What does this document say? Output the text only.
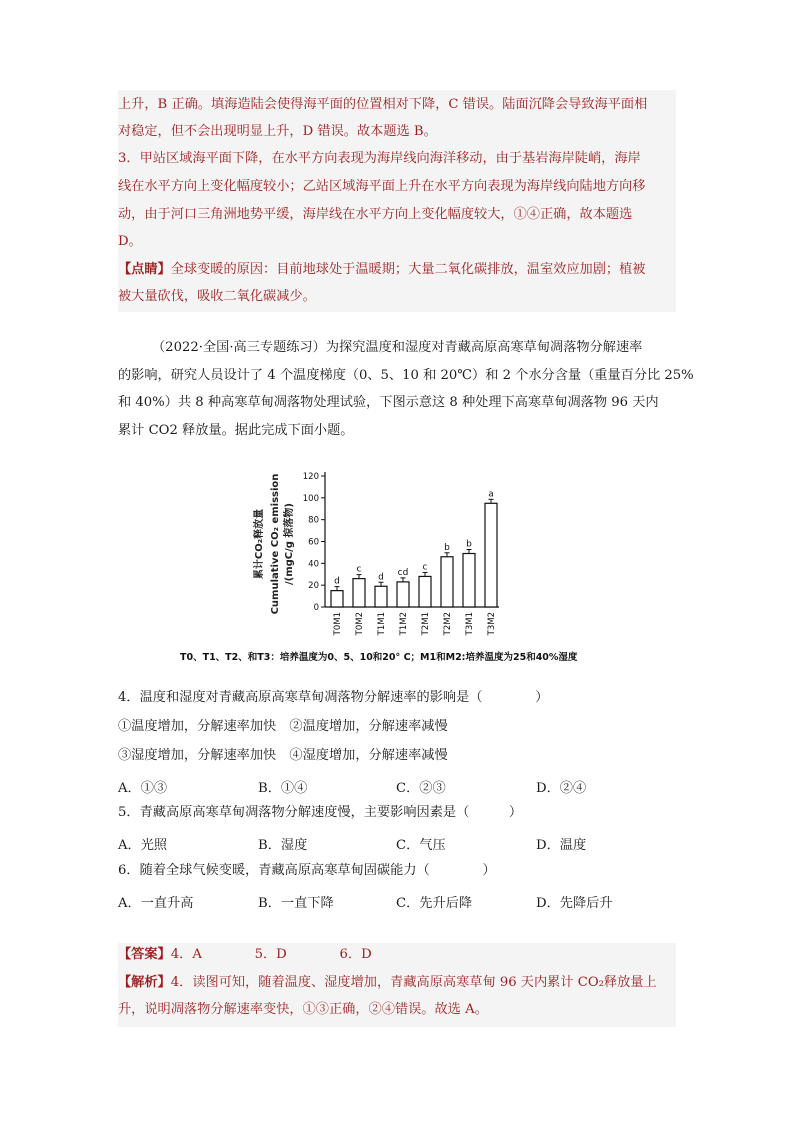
上升，B 正确。填海造陆会使得海平面的位置相对下降，C 错误。陆面沉降会导致海平面相
对稳定，但不会出现明显上升，D 错误。故本题选 B。
3．甲站区域海平面下降，在水平方向表现为海岸线向海洋移动，由于基岩海岸陡峭，海岸
线在水平方向上变化幅度较小；乙站区域海平面上升在水平方向表现为海岸线向陆地方向移
动，由于河口三角洲地势平缓，海岸线在水平方向上变化幅度较大，①④正确，故本题选
D。
【点睛】全球变暖的原因：目前地球处于温暖期；大量二氧化碳排放，温室效应加剧；植被
被大量砍伐，吸收二氧化碳减少。
（2022·全国·高三专题练习）为探究温度和湿度对青藏高原高寒草甸凋落物分解速率
的影响，研究人员设计了 4 个温度梯度（0、5、10 和 20℃）和 2 个水分含量（重量百分比 25%
和 40%）共 8 种高寒草甸凋落物处理试验，下图示意这 8 种处理下高寒草甸凋落物 96 天内
累计 CO2 释放量。据此完成下面小题。
累计CO₂释放量 Cumulative CO₂ emission /(mgC/g 掠落物)
0
20
40
60
80
100
120
d
T0M1
c
T0M2
d
T1M1
cd
T1M2
c
T2M1
b
T2M2
b
T3M1
a
T3M2
T0、T1、T2、和T3：培养温度为0、5、10和20° C；M1和M2:培养温度为25和40%湿度
4．温度和湿度对青藏高原高寒草甸凋落物分解速率的影响是（　　　　）
①温度增加，分解速率加快　②温度增加，分解速率减慢
③湿度增加，分解速率加快　④湿度增加，分解速率减慢
A．①③	B．①④	C．②③	D．②④
5．青藏高原高寒草甸凋落物分解速度慢，主要影响因素是（　　　）
A．光照	B．湿度	C．气压	D．温度
6．随着全球气候变暖，青藏高原高寒草甸固碳能力（　　　　）
A．一直升高	B．一直下降	C．先升后降	D．先降后升
【答案】4．A　　　　5．D　　　　6．D
【解析】4．读图可知，随着温度、湿度增加，青藏高原高寒草甸 96 天内累计 CO₂释放量上
升，说明凋落物分解速率变快，①③正确，②④错误。故选 A。
